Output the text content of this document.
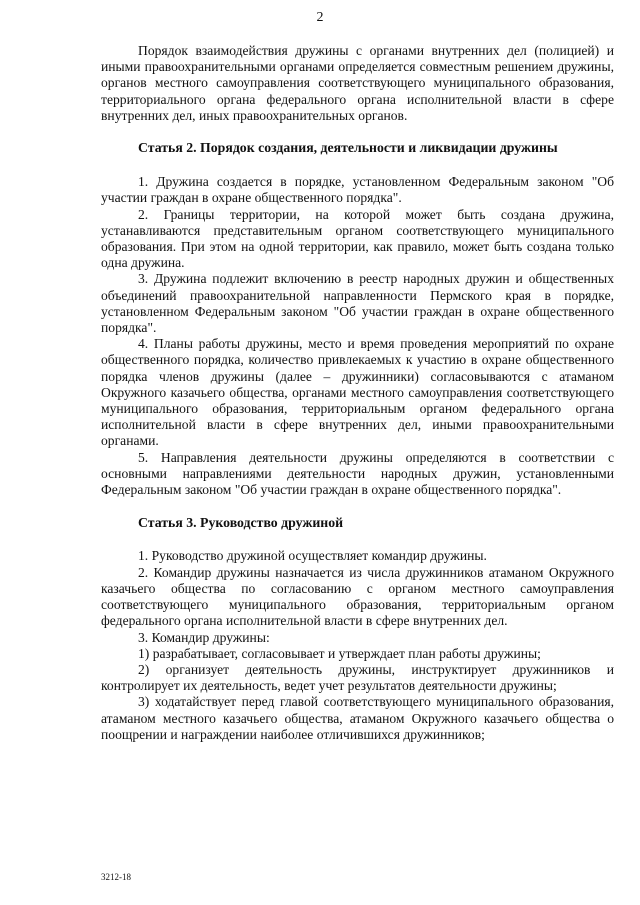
2

Порядок взаимодействия дружины с органами внутренних дел (полицией) и иными правоохранительными органами определяется совместным решением дружины, органов местного самоуправления соответствующего муниципального образования, территориального органа федерального органа исполнительной власти в сфере внутренних дел, иных правоохранительных органов.

Статья 2. Порядок создания, деятельности и ликвидации дружины

1. Дружина создается в порядке, установленном Федеральным законом "Об участии граждан в охране общественного порядка".

2. Границы территории, на которой может быть создана дружина, устанавливаются представительным органом соответствующего муниципального образования. При этом на одной территории, как правило, может быть создана только одна дружина.

3. Дружина подлежит включению в реестр народных дружин и общественных объединений правоохранительной направленности Пермского края в порядке, установленном Федеральным законом "Об участии граждан в охране общественного порядка".

4. Планы работы дружины, место и время проведения мероприятий по охране общественного порядка, количество привлекаемых к участию в охране общественного порядка членов дружины (далее – дружинники) согласовываются с атаманом Окружного казачьего общества, органами местного самоуправления соответствующего муниципального образования, территориальным органом федерального органа исполнительной власти в сфере внутренних дел, иными правоохранительными органами.

5. Направления деятельности дружины определяются в соответствии с основными направлениями деятельности народных дружин, установленными Федеральным законом "Об участии граждан в охране общественного порядка".

Статья 3. Руководство дружиной

1. Руководство дружиной осуществляет командир дружины.

2. Командир дружины назначается из числа дружинников атаманом Окружного казачьего общества по согласованию с органом местного самоуправления соответствующего муниципального образования, территориальным органом федерального органа исполнительной власти в сфере внутренних дел.

3. Командир дружины:

1) разрабатывает, согласовывает и утверждает план работы дружины;

2) организует деятельность дружины, инструктирует дружинников и контролирует их деятельность, ведет учет результатов деятельности дружины;

3) ходатайствует перед главой соответствующего муниципального образования, атаманом местного казачьего общества, атаманом Окружного казачьего общества о поощрении и награждении наиболее отличившихся дружинников;

3212-18
